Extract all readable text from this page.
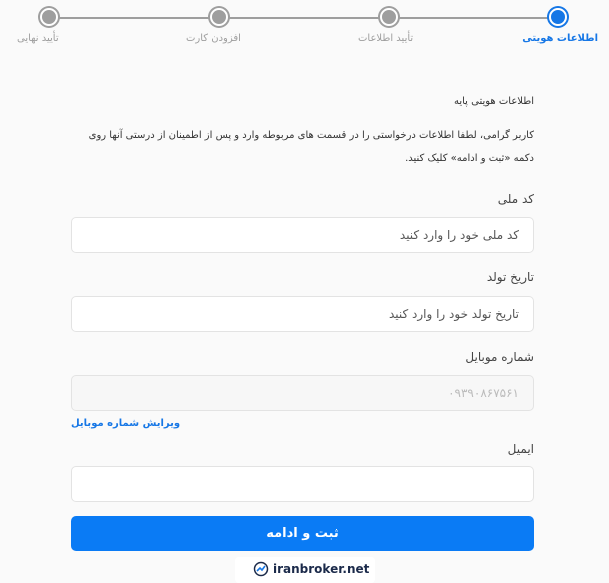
اطلاعات هویتی
تأیید اطلاعات
افزودن کارت
تأیید نهایی
اطلاعات هویتی پایه
کاربر گرامی، لطفا اطلاعات درخواستی را در قسمت های مربوطه وارد و پس از اطمینان از درستی آنها روی دکمه «ثبت و ادامه» کلیک کنید.
کد ملی
کد ملی خود را وارد کنید
تاریخ تولد
تاریخ تولد خود را وارد کنید
شماره موبایل
۰۹۳۹۰۸۶۷۵۶۱
ویرایش شماره موبایل
ایمیل
ثبت و ادامه
iranbroker.net
